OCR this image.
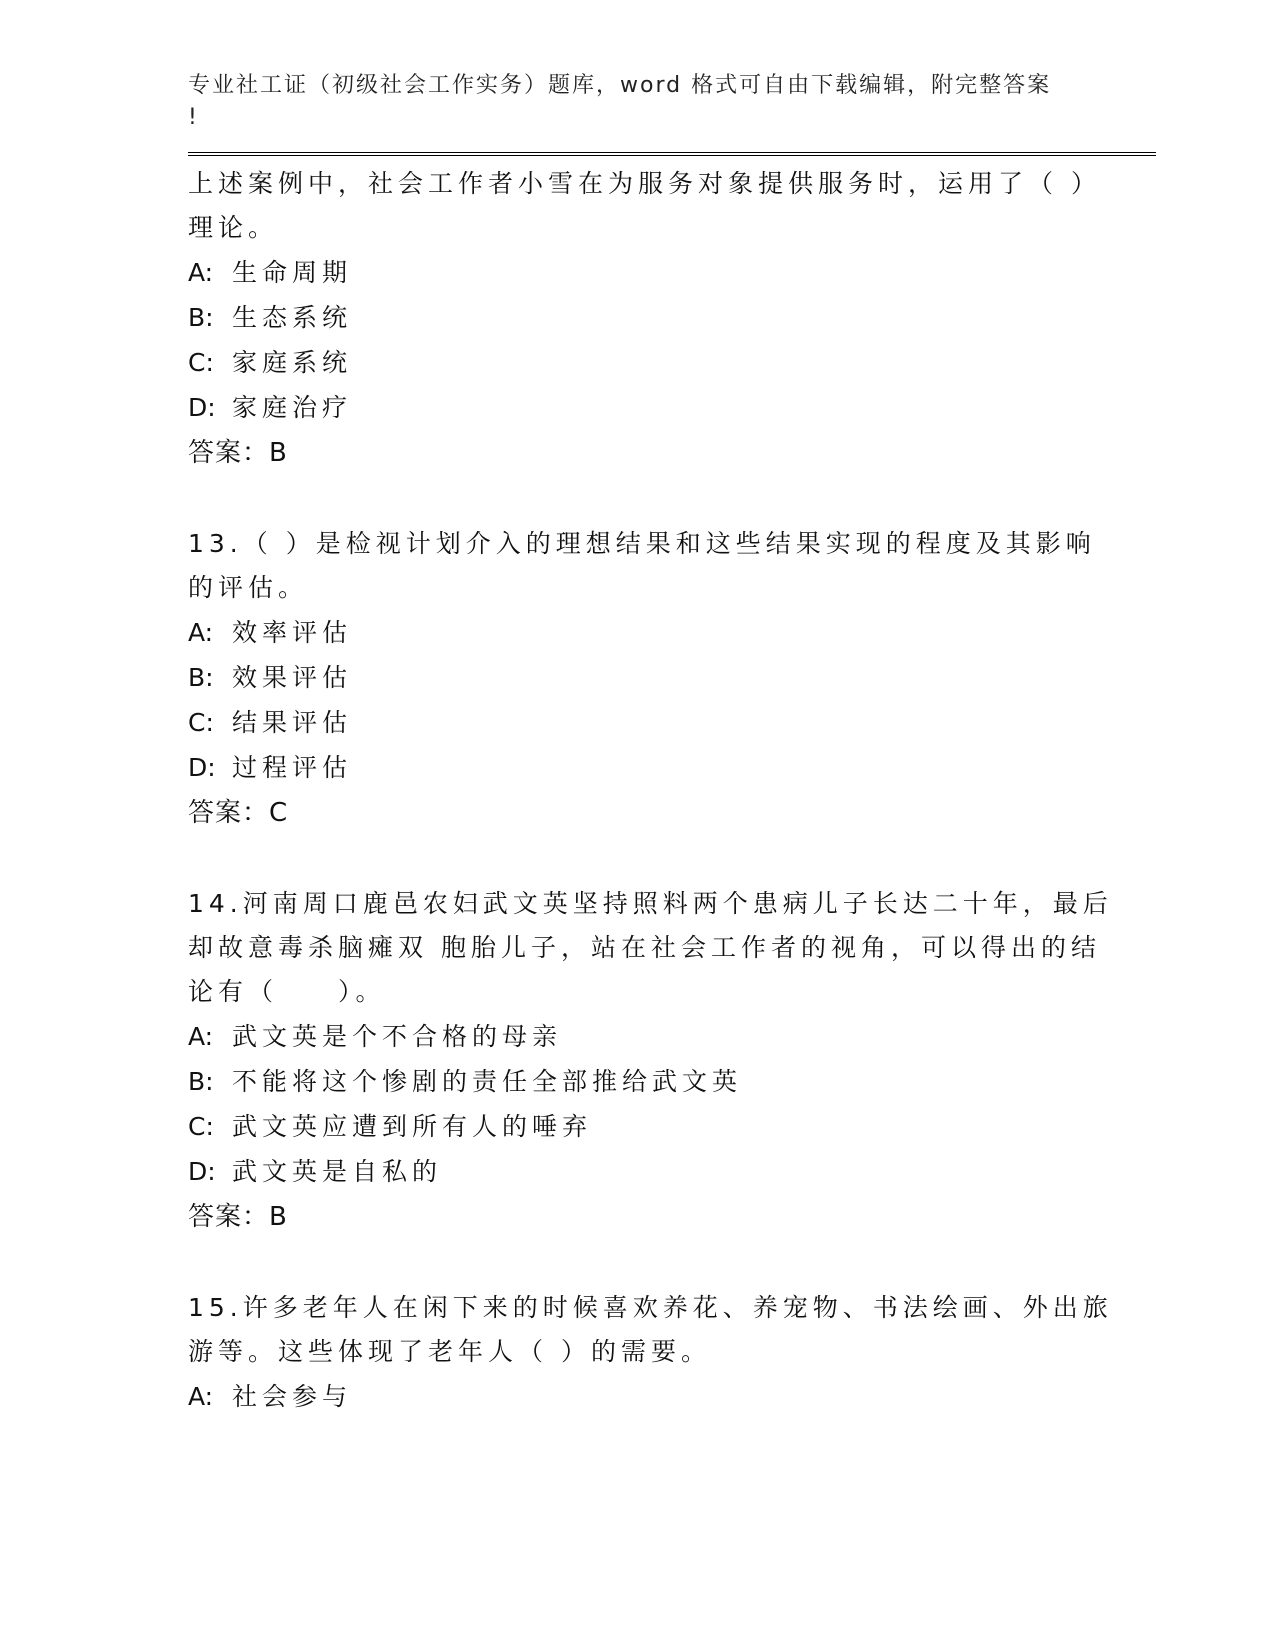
专业社工证（初级社会工作实务）题库，word 格式可自由下载编辑，附完整答案
!
上述案例中，社会工作者小雪在为服务对象提供服务时，运用了（ ）
理论。
A: 生命周期
B: 生态系统
C: 家庭系统
D: 家庭治疗
答案：B
13.（ ）是检视计划介入的理想结果和这些结果实现的程度及其影响
的评估。
A: 效率评估
B: 效果评估
C: 结果评估
D: 过程评估
答案：C
14.河南周口鹿邑农妇武文英坚持照料两个患病儿子长达二十年，最后
却故意毒杀脑瘫双 胞胎儿子，站在社会工作者的视角，可以得出的结
论有（　　）。
A: 武文英是个不合格的母亲
B: 不能将这个惨剧的责任全部推给武文英
C: 武文英应遭到所有人的唾弃
D: 武文英是自私的
答案：B
15.许多老年人在闲下来的时候喜欢养花、养宠物、书法绘画、外出旅
游等。这些体现了老年人（ ）的需要。
A: 社会参与
